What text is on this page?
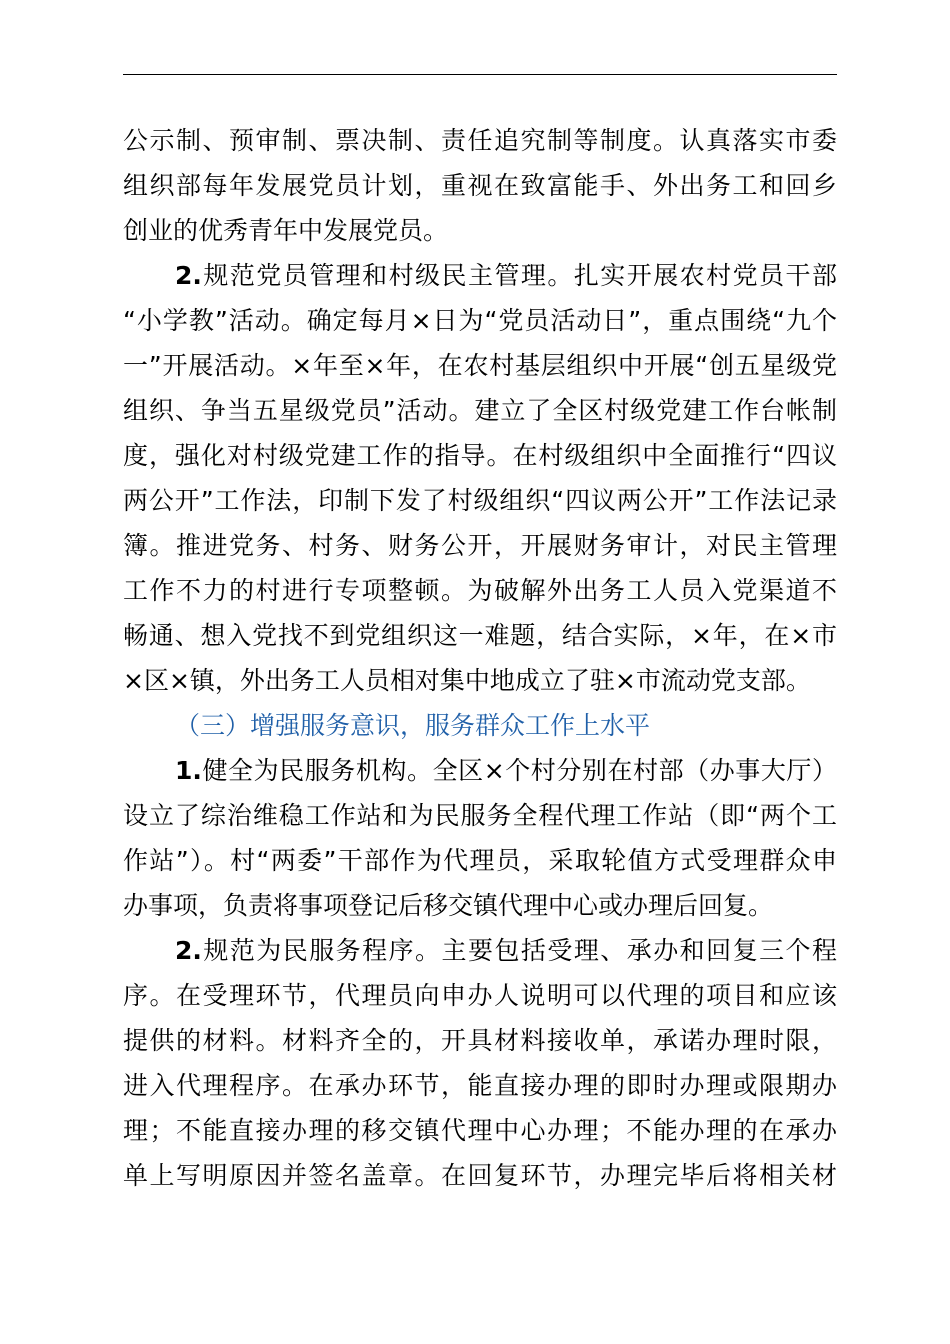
公示制、预审制、票决制、责任追究制等制度。认真落实市委
组织部每年发展党员计划，重视在致富能手、外出务工和回乡
创业的优秀青年中发展党员。
2.规范党员管理和村级民主管理。扎实开展农村党员干部
“小学教”活动。确定每月×日为“党员活动日”，重点围绕“九个
一”开展活动。×年至×年，在农村基层组织中开展“创五星级党
组织、争当五星级党员”活动。建立了全区村级党建工作台帐制
度，强化对村级党建工作的指导。在村级组织中全面推行“四议
两公开”工作法，印制下发了村级组织“四议两公开”工作法记录
簿。推进党务、村务、财务公开，开展财务审计，对民主管理
工作不力的村进行专项整顿。为破解外出务工人员入党渠道不
畅通、想入党找不到党组织这一难题，结合实际，×年，在×市
×区×镇，外出务工人员相对集中地成立了驻×市流动党支部。
（三）增强服务意识，服务群众工作上水平
1.健全为民服务机构。全区×个村分别在村部（办事大厅）
设立了综治维稳工作站和为民服务全程代理工作站（即“两个工
作站”）。村“两委”干部作为代理员，采取轮值方式受理群众申
办事项，负责将事项登记后移交镇代理中心或办理后回复。
2.规范为民服务程序。主要包括受理、承办和回复三个程
序。在受理环节，代理员向申办人说明可以代理的项目和应该
提供的材料。材料齐全的，开具材料接收单，承诺办理时限，
进入代理程序。在承办环节，能直接办理的即时办理或限期办
理；不能直接办理的移交镇代理中心办理；不能办理的在承办
单上写明原因并签名盖章。在回复环节，办理完毕后将相关材
